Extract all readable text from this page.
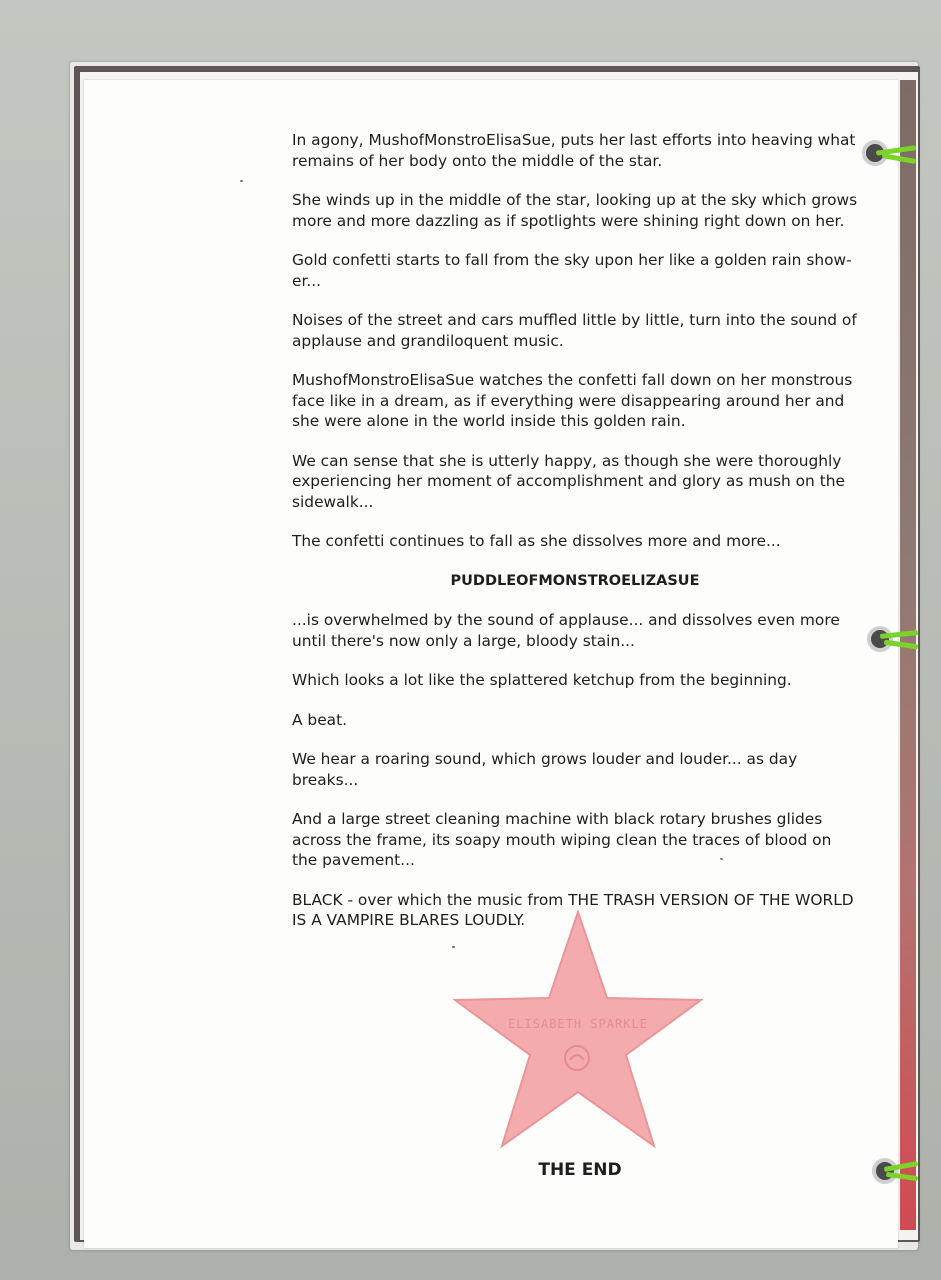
In agony, MushofMonstroElisaSue, puts her last efforts into heaving what remains of her body onto the middle of the star.

She winds up in the middle of the star, looking up at the sky which grows more and more dazzling as if spotlights were shining right down on her.

Gold confetti starts to fall from the sky upon her like a golden rain show-er...

Noises of the street and cars muffled little by little, turn into the sound of applause and grandiloquent music.

MushofMonstroElisaSue watches the confetti fall down on her monstrous face like in a dream, as if everything were disappearing around her and she were alone in the world inside this golden rain.

We can sense that she is utterly happy, as though she were thoroughly experiencing her moment of accomplishment and glory as mush on the sidewalk...

The confetti continues to fall as she dissolves more and more...

PUDDLEOFMONSTROELIZASUE

...is overwhelmed by the sound of applause... and dissolves even more until there's now only a large, bloody stain...

Which looks a lot like the splattered ketchup from the beginning.

A beat.

We hear a roaring sound, which grows louder and louder... as day breaks...

And a large street cleaning machine with black rotary brushes glides across the frame, its soapy mouth wiping clean the traces of blood on the pavement...

BLACK - over which the music from THE TRASH VERSION OF THE WORLD IS A VAMPIRE BLARES LOUDLY.

ELISABETH SPARKLE
THE END
